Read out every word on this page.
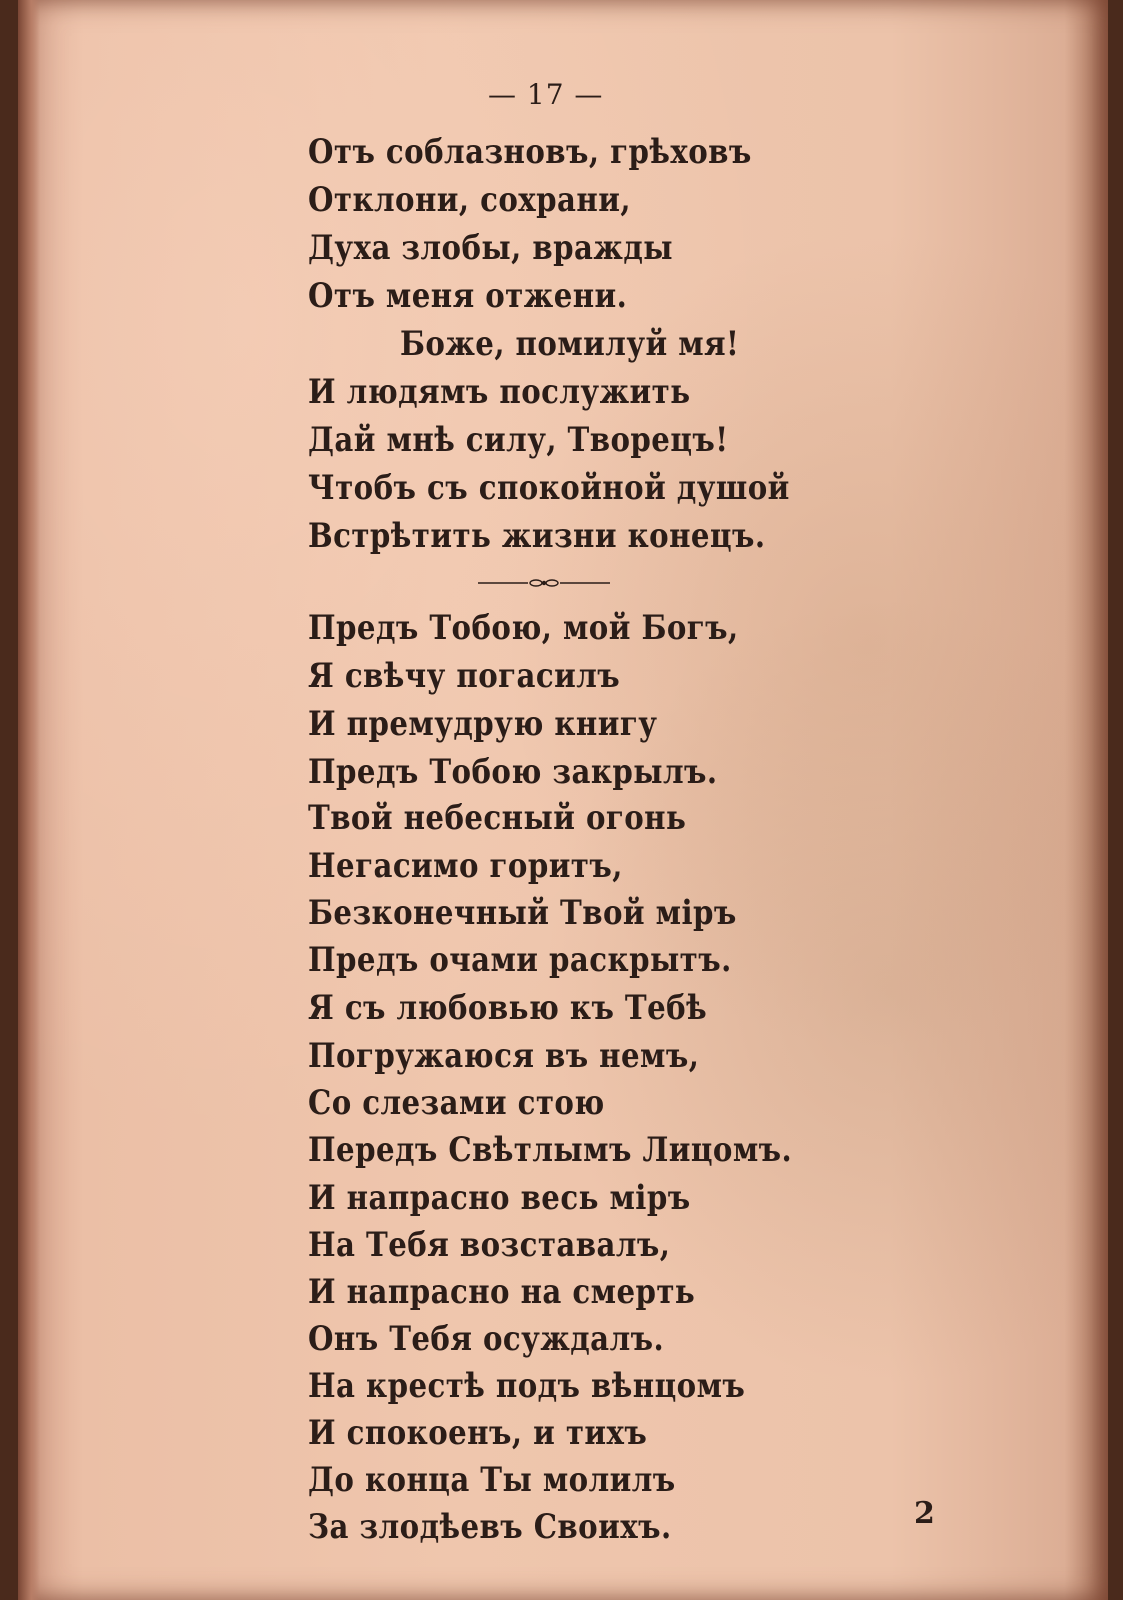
— 17 —
Отъ соблазновъ, грѣховъ
Отклони, сохрани,
Духа злобы, вражды
Отъ меня отжени.
Боже, помилуй мя!
И людямъ послужить
Дай мнѣ силу, Творецъ!
Чтобъ съ спокойной душой
Встрѣтить жизни конецъ.
Предъ Тобою, мой Богъ,
Я свѣчу погасилъ
И премудрую книгу
Предъ Тобою закрылъ.
Твой небесный огонь
Негасимо горитъ,
Безконечный Твой міръ
Предъ очами раскрытъ.
Я съ любовью къ Тебѣ
Погружаюся въ немъ,
Со слезами стою
Передъ Свѣтлымъ Лицомъ.
И напрасно весь міръ
На Тебя возставалъ,
И напрасно на смерть
Онъ Тебя осуждалъ.
На крестѣ подъ вѣнцомъ
И спокоенъ, и тихъ
До конца Ты молилъ
За злодѣевъ Своихъ.	2
